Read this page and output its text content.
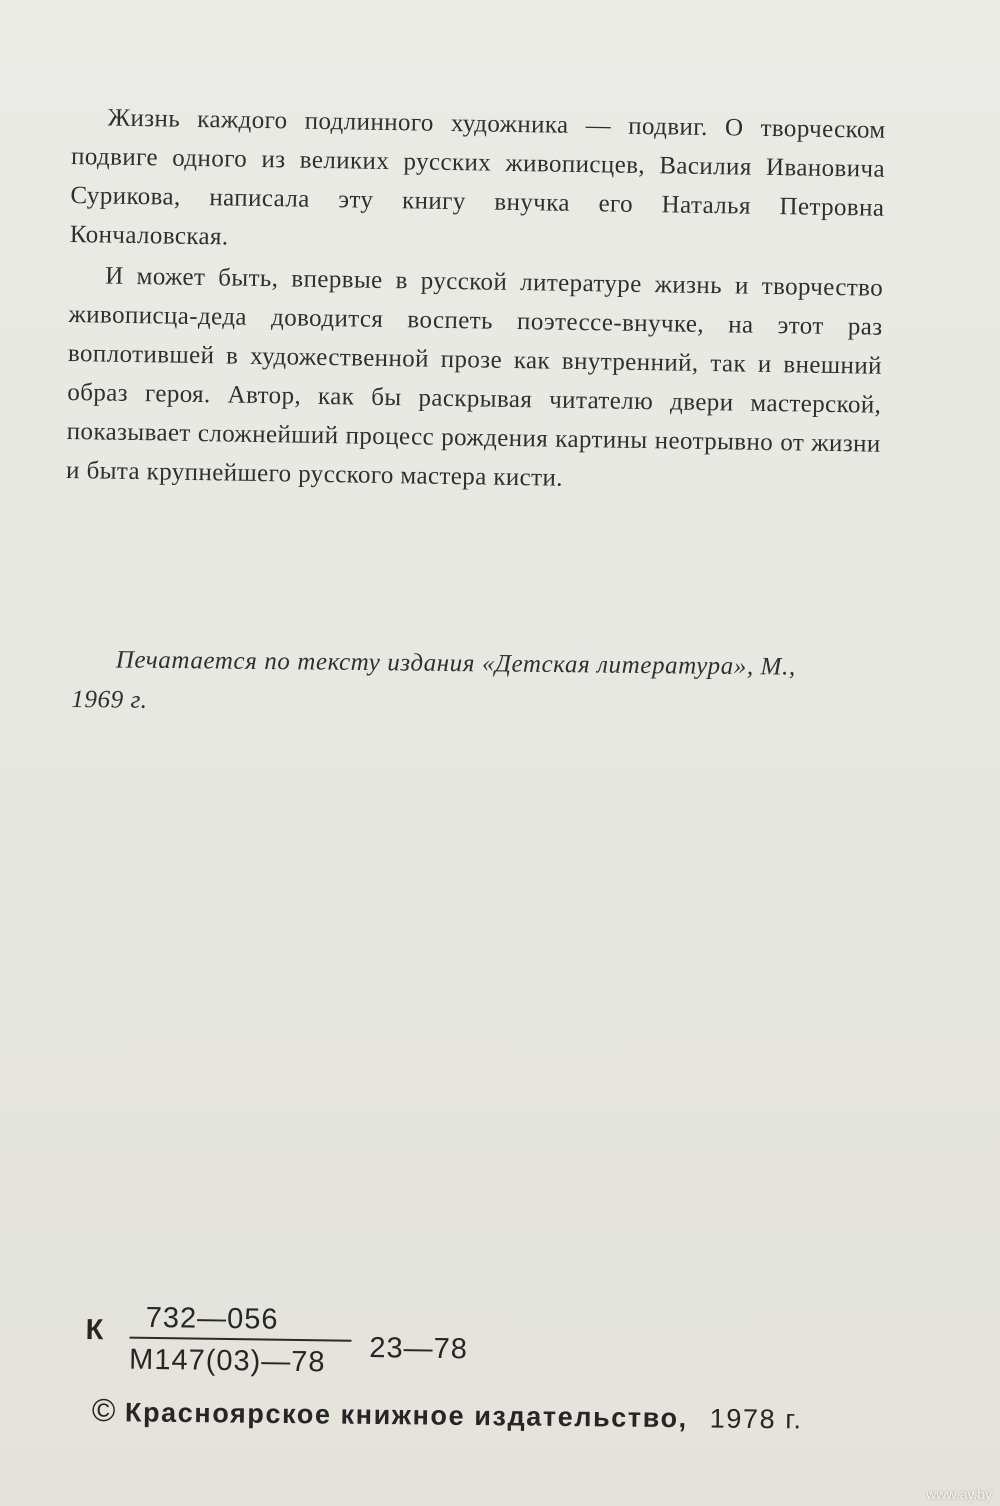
Жизнь каждого подлинного художника — подвиг. О творческом подвиге одного из великих русских живописцев, Василия Ивановича Сурикова, написала эту книгу внучка его Наталья Петровна Кончаловская.

И может быть, впервые в русской литературе жизнь и творчество живописца-деда доводится воспеть поэтессе-внучке, на этот раз воплотившей в художественной прозе как внутренний, так и внешний образ героя. Автор, как бы раскрывая читателю двери мастерской, показывает сложнейший процесс рождения картины неотрывно от жизни и быта крупнейшего русского мастера кисти.

Печатается по тексту издания «Детская литература», М.,
1969 г.
К	732—056
М147(03)—78	23—78
© Красноярское книжное издательство, 1978 г.
www.ay.by
